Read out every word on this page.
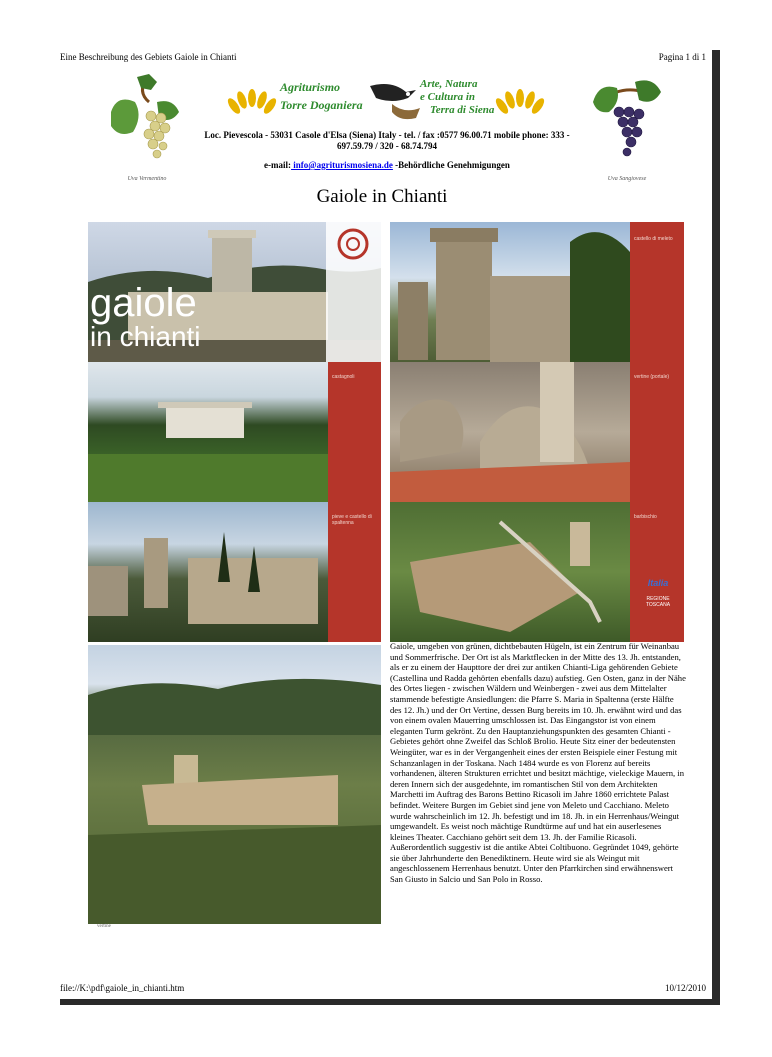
Eine Beschreibung des Gebiets Gaiole in Chianti	Pagina 1 di 1
Uva Vermentino	Uva Sangiovese
Agriturismo
Torre Doganiera
Arte, Natura
e Cultura in
Terra di Siena
Loc. Pievescola - 53031 Casole d'Elsa (Siena) Italy - tel. / fax :0577 96.00.71 mobile phone: 333 - 697.59.79 / 320 - 68.74.794
e-mail: info@agriturismosiena.de -Behördliche Genehmigungen
Gaiole in Chianti
gaiole
in chianti
castello di meleto
castagnoli	vertine (portale)
pieve e castello di spaltenna
barbischio
Italia
REGIONE TOSCANA
vertine
Gaiole, umgeben von grünen, dichtbebauten Hügeln, ist ein Zentrum für Weinanbau und Sommerfrische. Der Ort ist als Marktflecken in der Mitte des 13. Jh. entstanden, als er zu einem der Haupttore der drei zur antiken Chianti-Liga gehörenden Gebiete (Castellina und Radda gehörten ebenfalls dazu) aufstieg. Gen Osten, ganz in der Nähe des Ortes liegen - zwischen Wäldern und Weinbergen - zwei aus dem Mittelalter stammende befestigte Ansiedlungen: die Pfarre S. Maria in Spaltenna (erste Hälfte des 12. Jh.) und der Ort Vertine, dessen Burg bereits im 10. Jh. erwähnt wird und das von einem ovalen Mauerring umschlossen ist. Das Eingangstor ist von einem eleganten Turm gekrönt. Zu den Hauptanziehungspunkten des gesamten Chianti - Gebietes gehört ohne Zweifel das Schloß Brolio. Heute Sitz einer der bedeutensten Weingüter, war es in der Vergangenheit eines der ersten Beispiele einer Festung mit Schanzanlagen in der Toskana. Nach 1484 wurde es von Florenz auf bereits vorhandenen, älteren Strukturen errichtet und besitzt mächtige, vieleckige Mauern, in deren Innern sich der ausgedehnte, im romantischen Stil von dem Architekten Marchetti im Auftrag des Barons Bettino Ricasoli im Jahre 1860 errichtete Palast befindet. Weitere Burgen im Gebiet sind jene von Meleto und Cacchiano. Meleto wurde wahrscheinlich im 12. Jh. befestigt und im 18. Jh. in ein Herrenhaus/Weingut umgewandelt. Es weist noch mächtige Rundtürme auf und hat ein auserlesenes kleines Theater. Cacchiano gehört seit dem 13. Jh. der Familie Ricasoli. Außerordentlich suggestiv ist die antike Abtei Coltibuono. Gegründet 1049, gehörte sie über Jahrhunderte den Benediktinern. Heute wird sie als Weingut mit angeschlossenem Herrenhaus benutzt. Unter den Pfarrkirchen sind erwähnenswert San Giusto in Salcio und San Polo in Rosso.
file://K:\pdf\gaiole_in_chianti.htm	10/12/2010
